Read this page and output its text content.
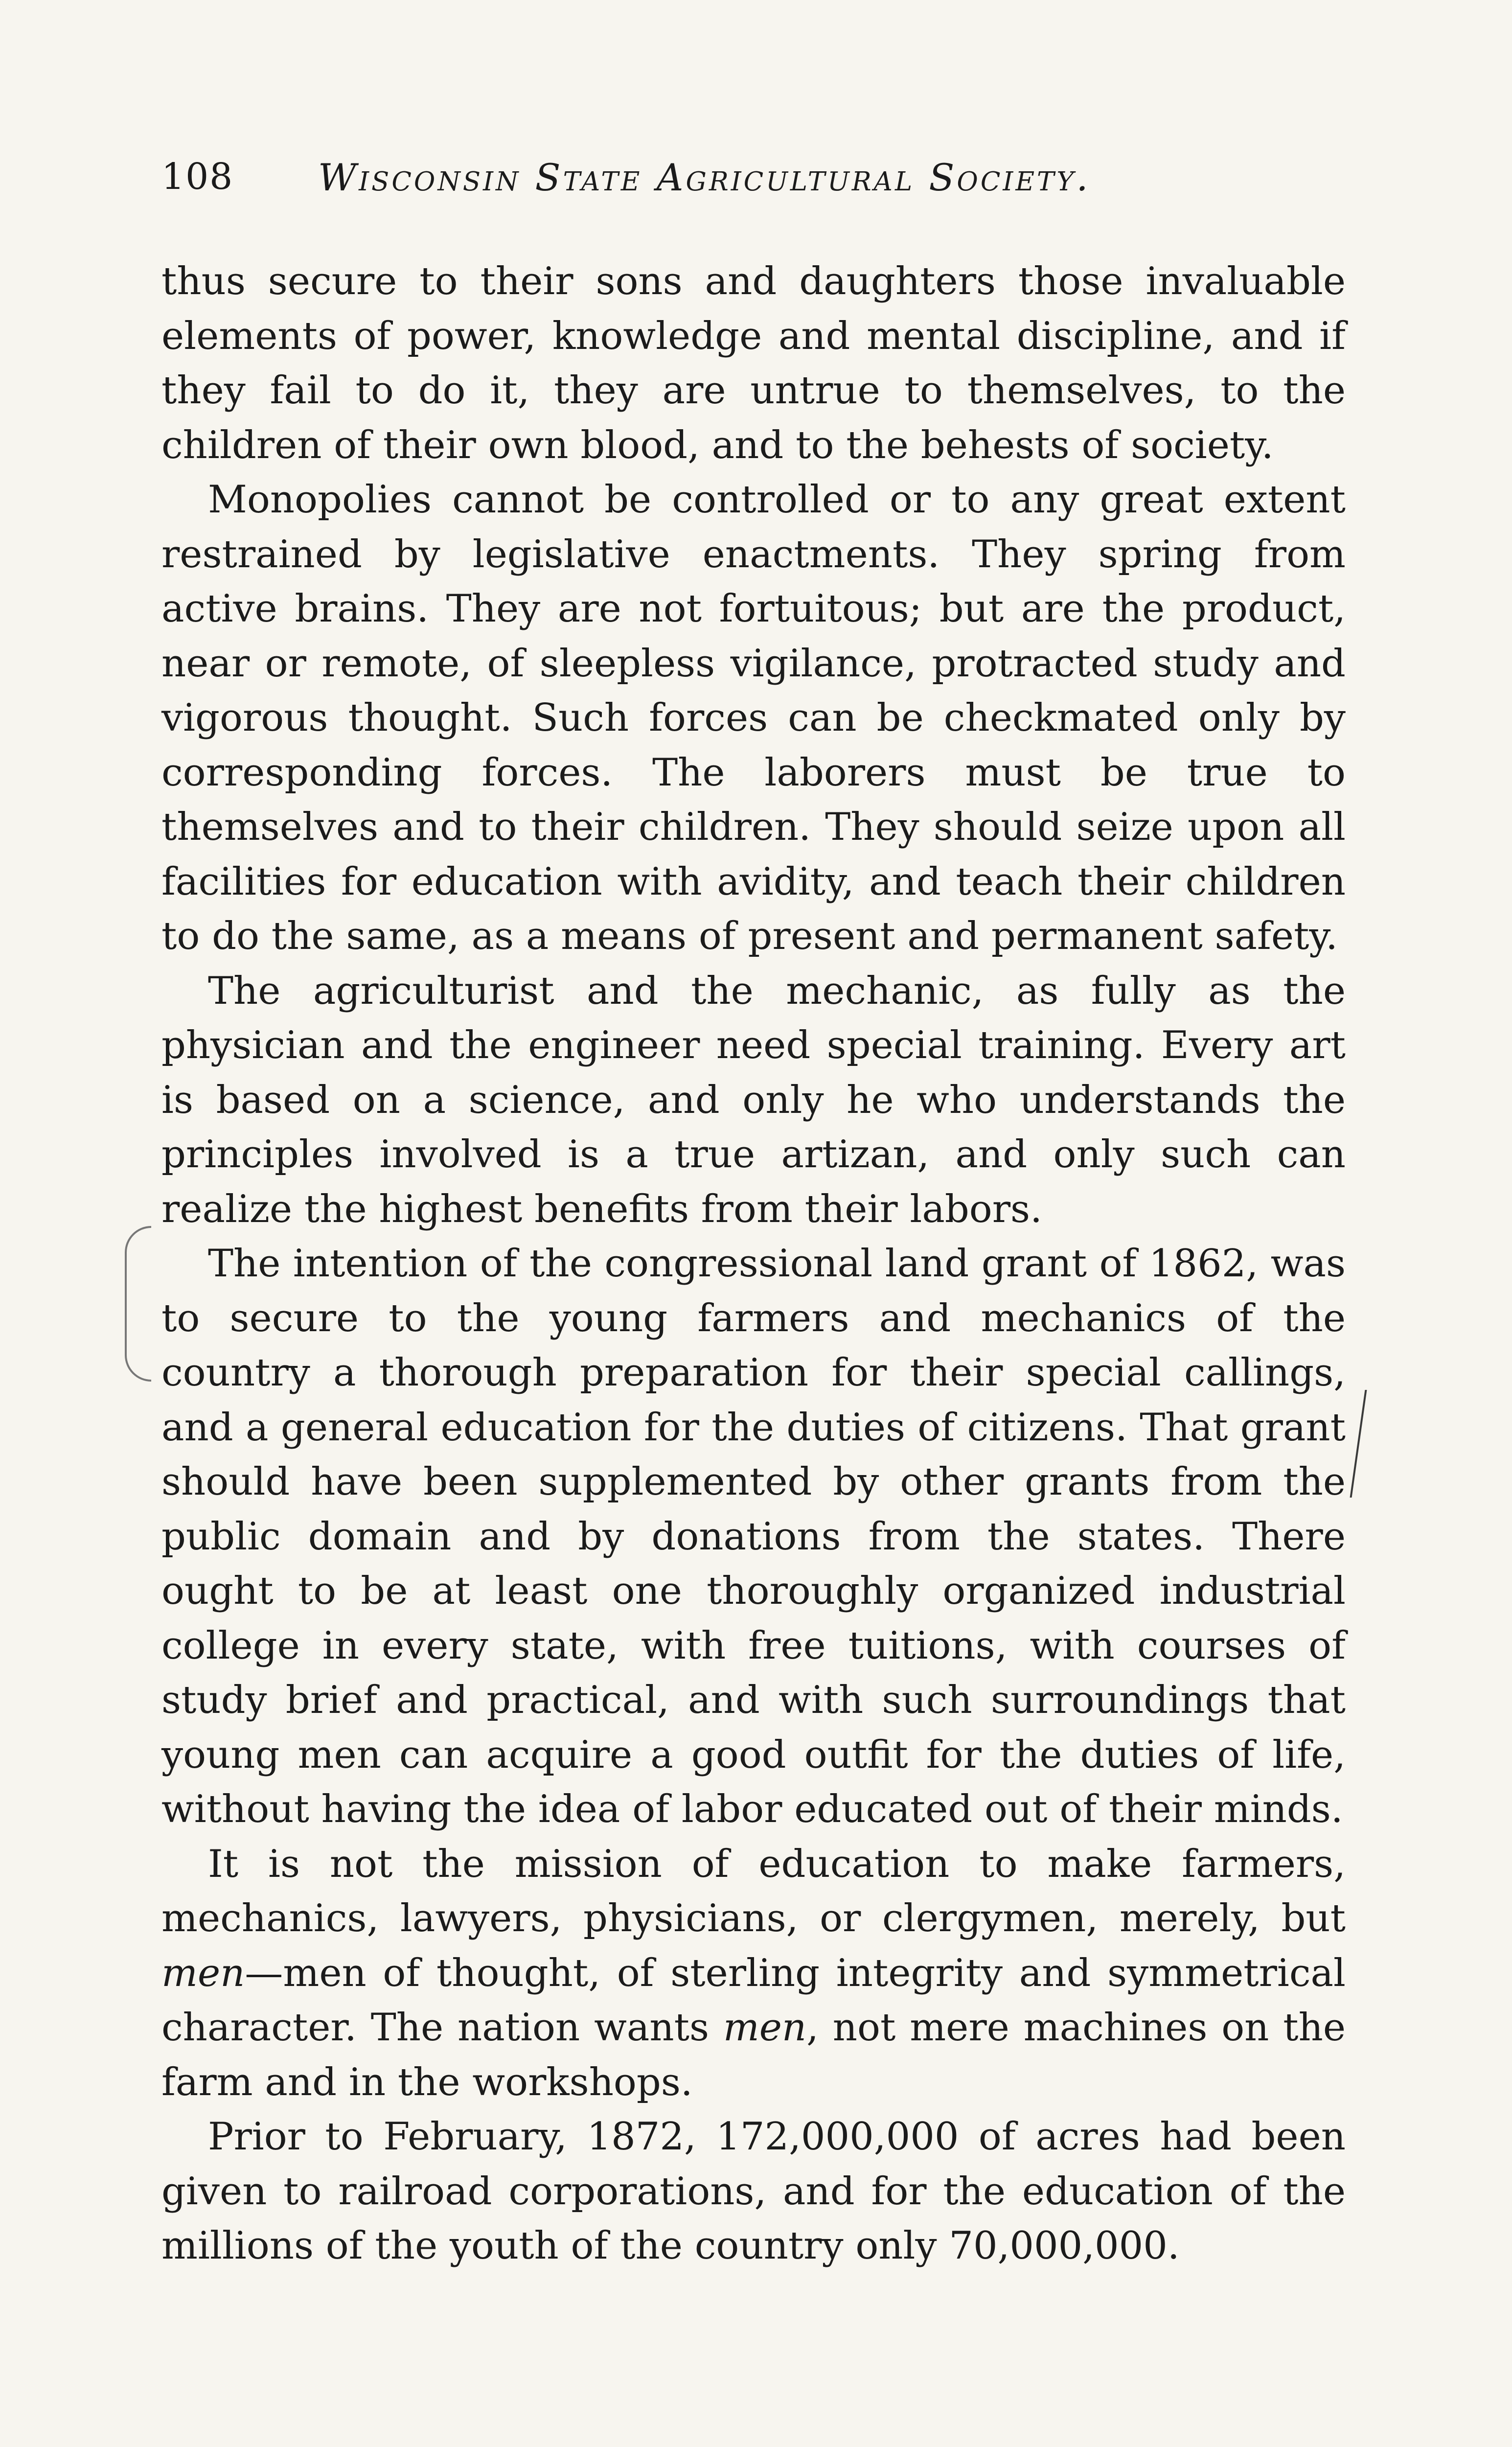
108 Wisconsin State Agricultural Society.

thus secure to their sons and daughters those invaluable elements of power, knowledge and mental discipline, and if they fail to do it, they are untrue to themselves, to the children of their own blood, and to the behests of society.

Monopolies cannot be controlled or to any great extent restrained by legislative enactments. They spring from active brains. They are not fortuitous; but are the product, near or remote, of sleepless vigilance, protracted study and vigorous thought. Such forces can be checkmated only by corresponding forces. The laborers must be true to themselves and to their children. They should seize upon all facilities for education with avidity, and teach their children to do the same, as a means of present and permanent safety.

The agriculturist and the mechanic, as fully as the physician and the engineer need special training. Every art is based on a science, and only he who understands the principles involved is a true artizan, and only such can realize the highest benefits from their labors.

The intention of the congressional land grant of 1862, was to secure to the young farmers and mechanics of the country a thorough preparation for their special callings, and a general education for the duties of citizens. That grant should have been supplemented by other grants from the public domain and by donations from the states. There ought to be at least one thoroughly organized industrial college in every state, with free tuitions, with courses of study brief and practical, and with such surroundings that young men can acquire a good outfit for the duties of life, without having the idea of labor educated out of their minds.

It is not the mission of education to make farmers, mechanics, lawyers, physicians, or clergymen, merely, but men—men of thought, of sterling integrity and symmetrical character. The nation wants men, not mere machines on the farm and in the workshops.

Prior to February, 1872, 172,000,000 of acres had been given to railroad corporations, and for the education of the millions of the youth of the country only 70,000,000.
